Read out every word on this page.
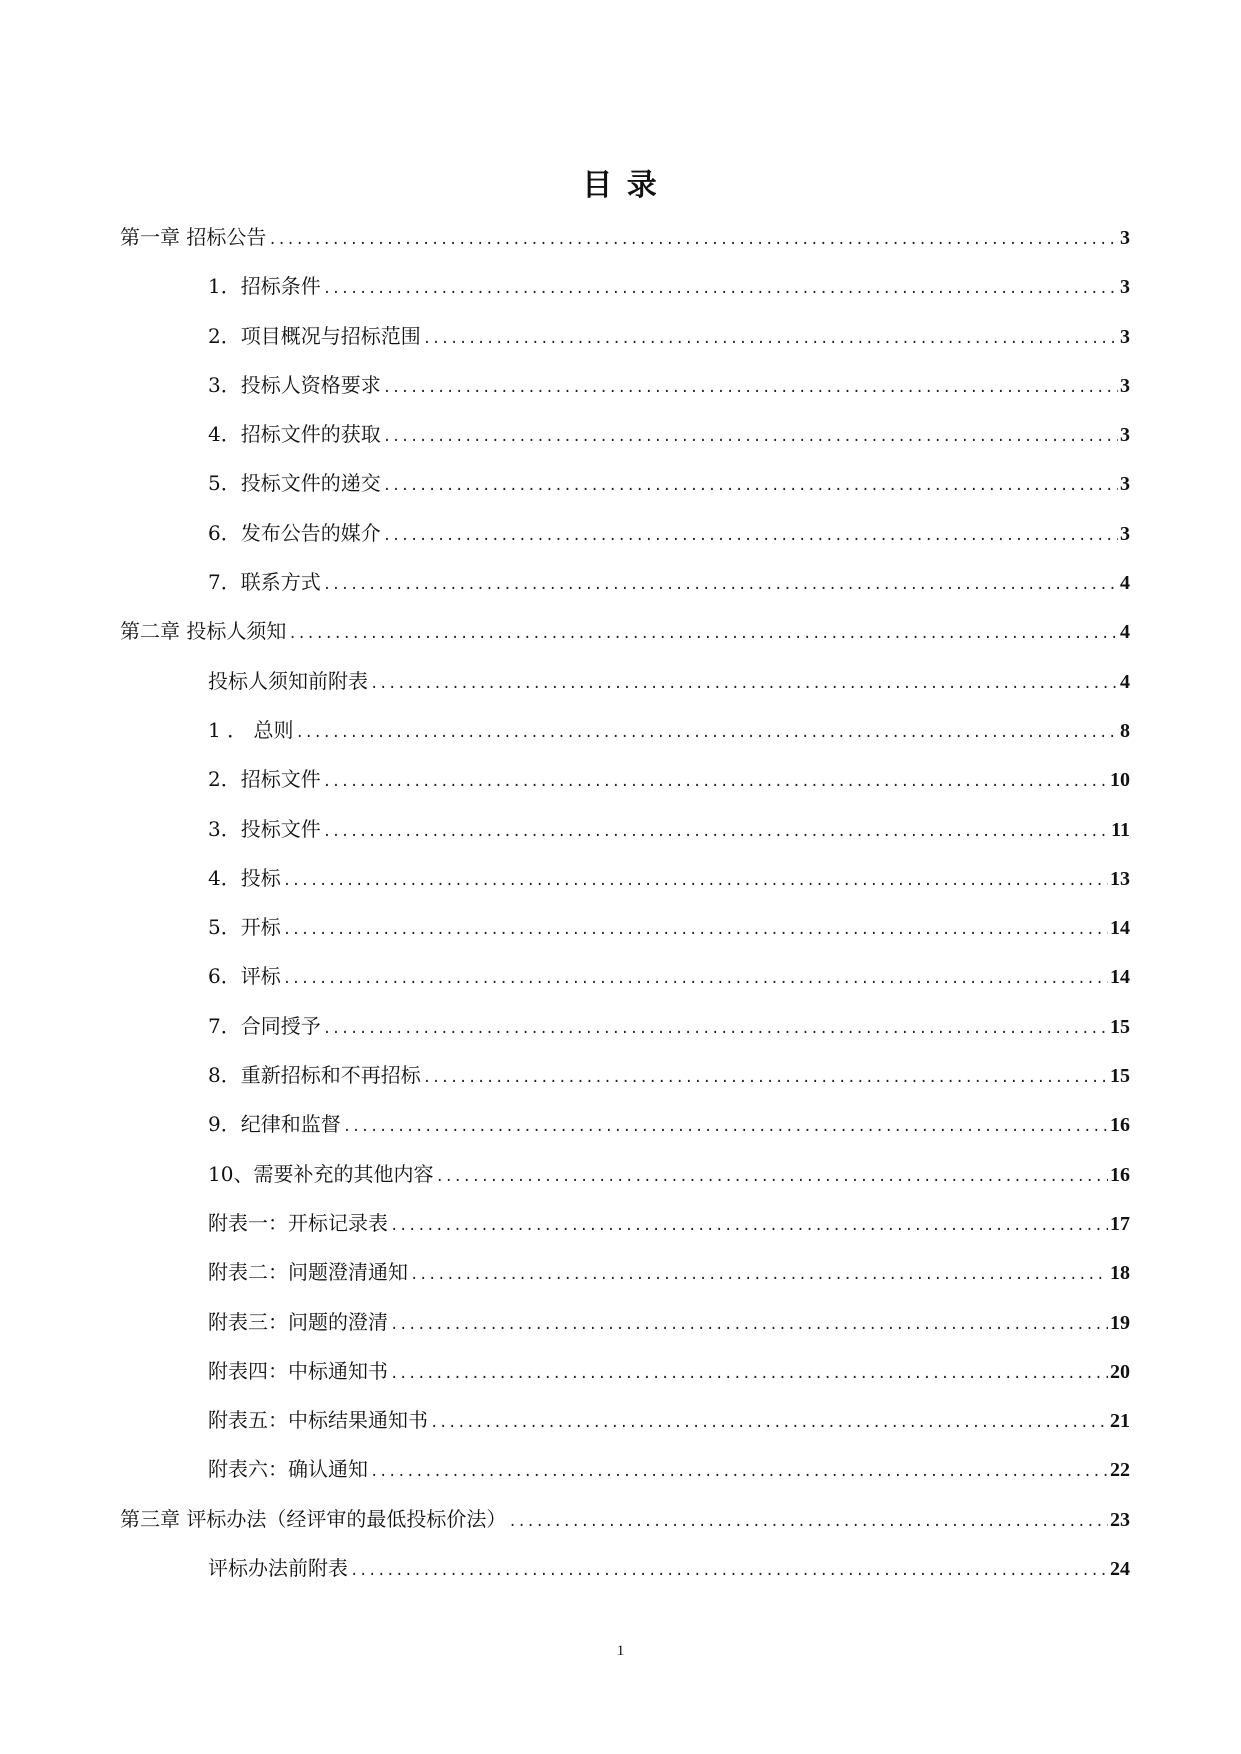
目 录
第一章 招标公告 .....	3
1．招标条件 .....	3
2．项目概况与招标范围 .....	3
3．投标人资格要求 .....	3
4．招标文件的获取 .....	3
5．投标文件的递交 .....	3
6．发布公告的媒介 .....	3
7．联系方式 .....	4
第二章 投标人须知 .....	4
投标人须知前附表 .....	4
1 ． 总则 .....	8
2．招标文件 .....	10
3．投标文件 .....	11
4．投标 .....	13
5．开标 .....	14
6．评标 .....	14
7．合同授予 .....	15
8．重新招标和不再招标 .....	15
9．纪律和监督 .....	16
10、需要补充的其他内容 .....	16
附表一：开标记录表 .....	17
附表二：问题澄清通知 .....	18
附表三：问题的澄清 .....	19
附表四：中标通知书 .....	20
附表五：中标结果通知书 .....	21
附表六：确认通知 .....	22
第三章 评标办法（经评审的最低投标价法） .....	23
评标办法前附表 .....	24
1
